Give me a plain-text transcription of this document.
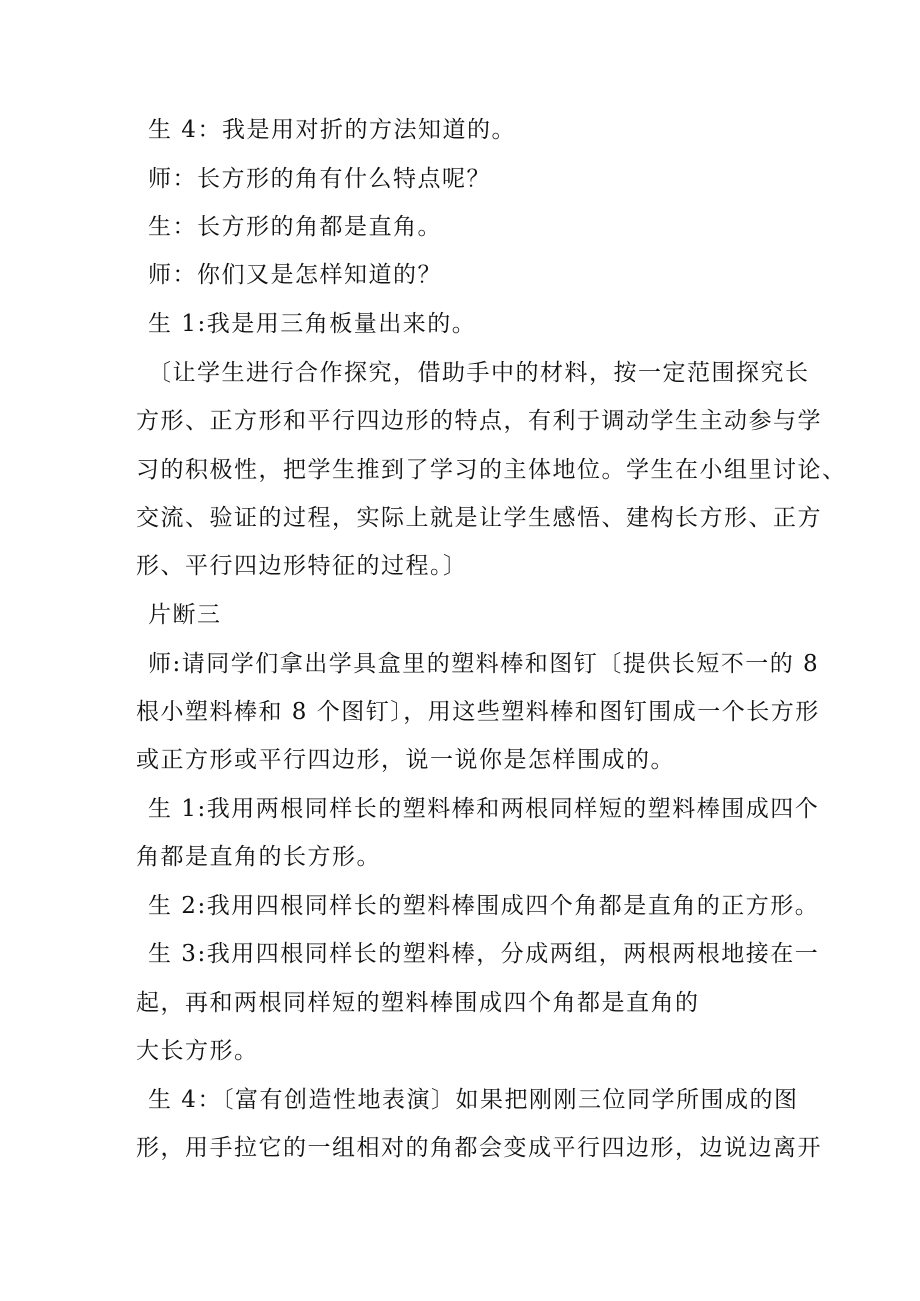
生 4：我是用对折的方法知道的。

师：长方形的角有什么特点呢？

生：长方形的角都是直角。

师：你们又是怎样知道的？

生 1:我是用三角板量出来的。

〔让学生进行合作探究，借助手中的材料，按一定范围探究长

方形、正方形和平行四边形的特点，有利于调动学生主动参与学

习的积极性，把学生推到了学习的主体地位。学生在小组里讨论、

交流、验证的过程，实际上就是让学生感悟、建构长方形、正方

形、平行四边形特征的过程。〕

片断三

师:请同学们拿出学具盒里的塑料棒和图钉〔提供长短不一的 8

根小塑料棒和 8 个图钉〕，用这些塑料棒和图钉围成一个长方形

或正方形或平行四边形，说一说你是怎样围成的。

生 1:我用两根同样长的塑料棒和两根同样短的塑料棒围成四个

角都是直角的长方形。

生 2:我用四根同样长的塑料棒围成四个角都是直角的正方形。

生 3:我用四根同样长的塑料棒，分成两组，两根两根地接在一

起，再和两根同样短的塑料棒围成四个角都是直角的

大长方形。

生 4：〔富有创造性地表演〕如果把刚刚三位同学所围成的图

形，用手拉它的一组相对的角都会变成平行四边形，边说边离开
